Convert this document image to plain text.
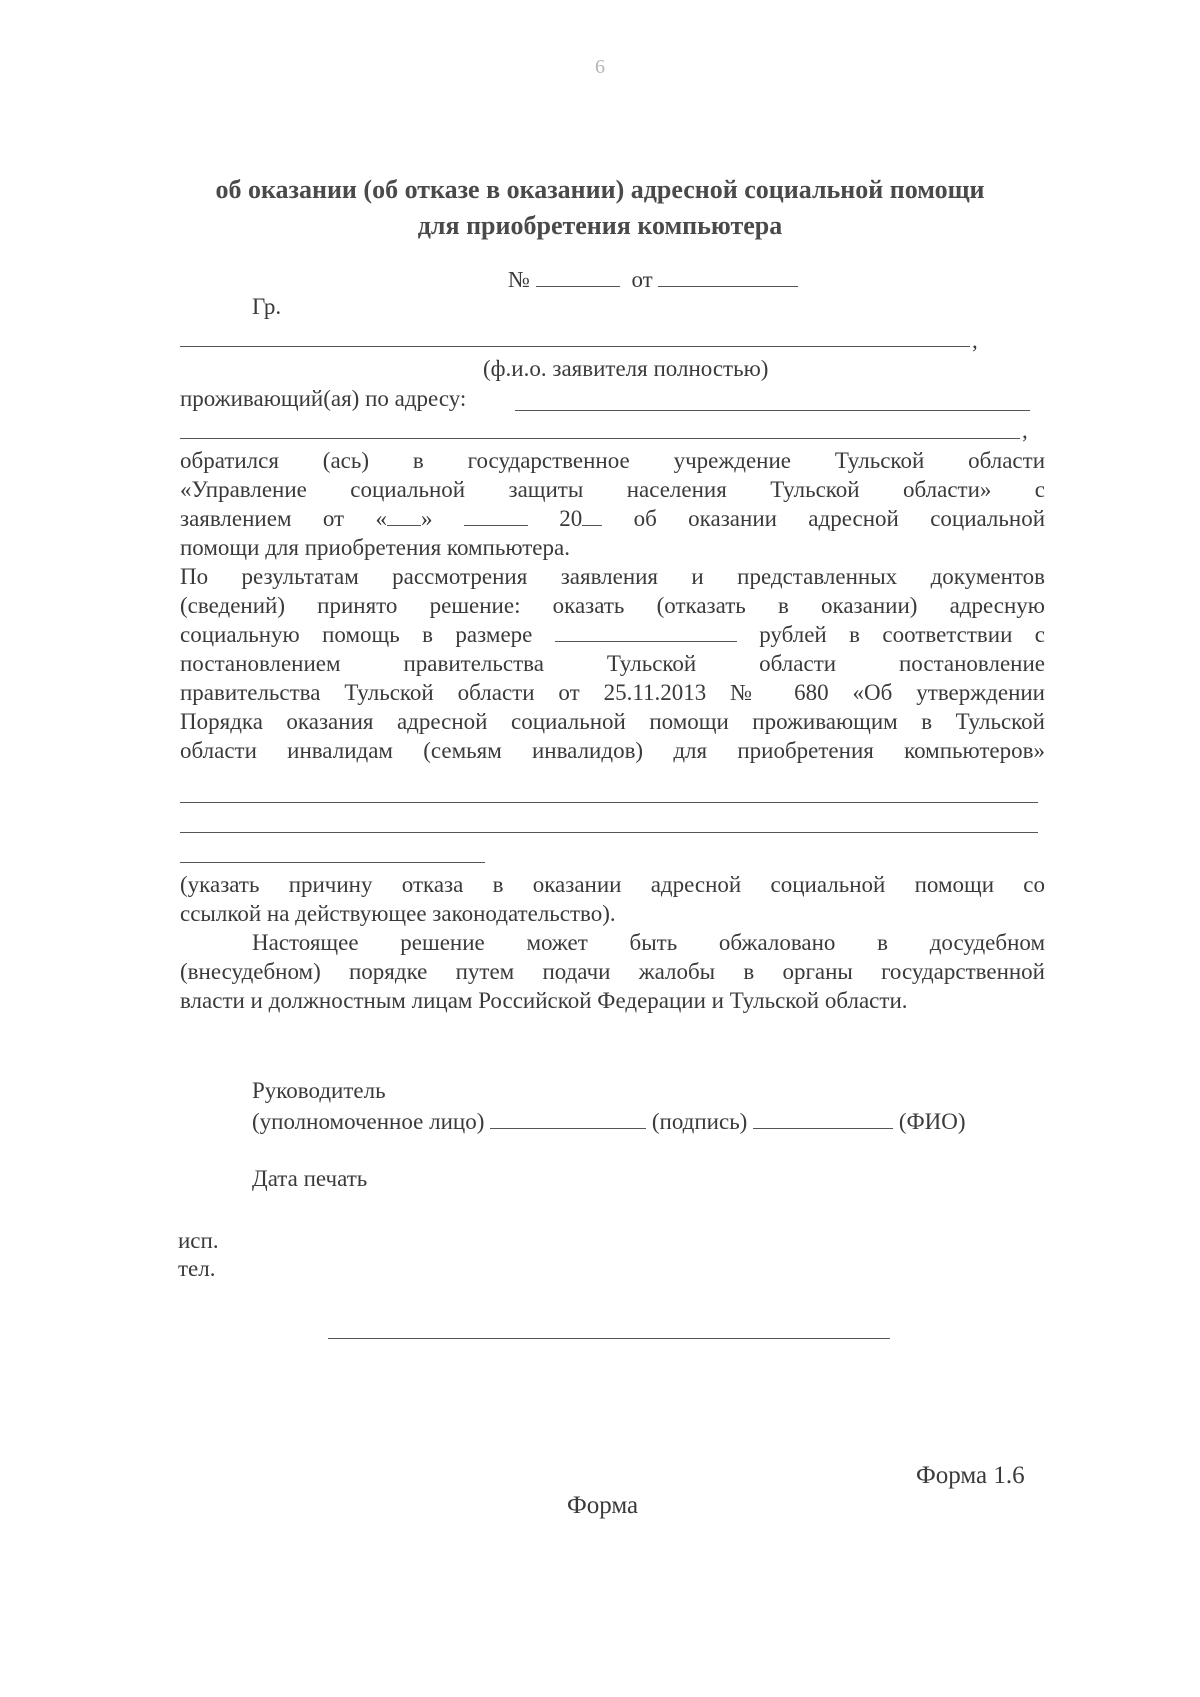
6
об оказании (об отказе в оказании) адресной социальной помощи
для приобретения компьютера
№	от
Гр.
,
(ф.и.о. заявителя полностью)
проживающий(ая) по адресу:
,
обратился (ась) в государственное учреждение Тульской области
«Управление социальной защиты населения Тульской области» с
заявлением от « »	20 об оказании адресной социальной
помощи для приобретения компьютера.
По результатам рассмотрения заявления и представленных документов
(сведений) принято решение: оказать (отказать в оказании) адресную
социальную помощь в размере	рублей в соответствии с
постановлением правительства Тульской области постановление
правительства Тульской области от 25.11.2013 № 680 «Об утверждении
Порядка оказания адресной социальной помощи проживающим в Тульской
области инвалидам (семьям инвалидов) для приобретения компьютеров»
(указать причину отказа в оказании адресной социальной помощи со
ссылкой на действующее законодательство).
Настоящее решение может быть обжаловано в досудебном
(внесудебном) порядке путем подачи жалобы в органы государственной
власти и должностным лицам Российской Федерации и Тульской области.
Руководитель
(уполномоченное лицо)	(подпись)	(ФИО)
Дата печать
исп.
тел.
Форма 1.6
Форма
